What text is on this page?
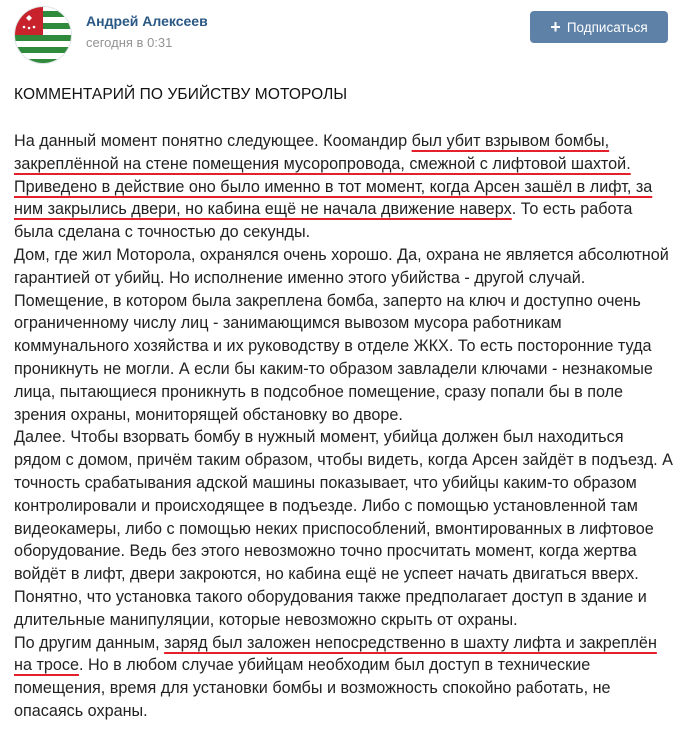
Андрей Алексеев
сегодня в 0:31
+ Подписаться
КОММЕНТАРИЙ ПО УБИЙСТВУ МОТОРОЛЫ

На данный момент понятно следующее. Коомандир был убит взрывом бомбы, закреплённой на стене помещения мусоропровода, смежной с лифтовой шахтой. Приведено в действие оно было именно в тот момент, когда Арсен зашёл в лифт, за ним закрылись двери, но кабина ещё не начала движение наверх. То есть работа была сделана с точностью до секунды.

Дом, где жил Моторола, охранялся очень хорошо. Да, охрана не является абсолютной гарантией от убийц. Но исполнение именно этого убийства - другой случай. Помещение, в котором была закреплена бомба, заперто на ключ и доступно очень ограниченному числу лиц - занимающимся вывозом мусора работникам коммунального хозяйства и их руководству в отделе ЖКХ. То есть посторонние туда проникнуть не могли. А если бы каким-то образом завладели ключами - незнакомые лица, пытающиеся проникнуть в подсобное помещение, сразу попали бы в поле зрения охраны, мониторящей обстановку во дворе.

Далее. Чтобы взорвать бомбу в нужный момент, убийца должен был находиться рядом с домом, причём таким образом, чтобы видеть, когда Арсен зайдёт в подъезд. А точность срабатывания адской машины показывает, что убийцы каким-то образом контролировали и происходящее в подъезде. Либо с помощью установленной там видеокамеры, либо с помощью неких приспособлений, вмонтированных в лифтовое оборудование. Ведь без этого невозможно точно просчитать момент, когда жертва войдёт в лифт, двери закроются, но кабина ещё не успеет начать двигаться вверх.

Понятно, что установка такого оборудования также предполагает доступ в здание и длительные манипуляции, которые невозможно скрыть от охраны.

По другим данным, заряд был заложен непосредственно в шахту лифта и закреплён на тросе. Но в любом случае убийцам необходим был доступ в технические помещения, время для установки бомбы и возможность спокойно работать, не опасаясь охраны.
